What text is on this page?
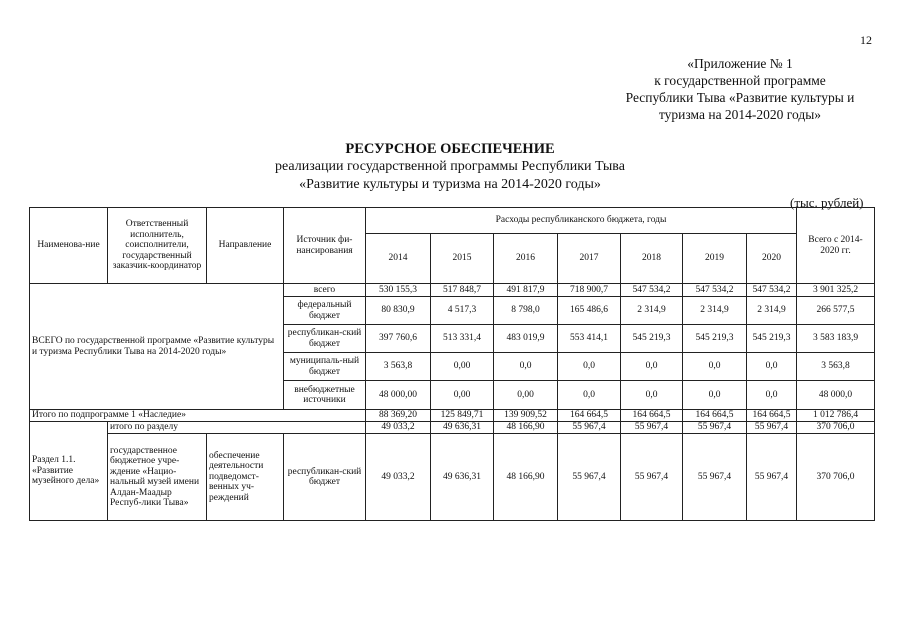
12
«Приложение № 1
к государственной программе
Республики Тыва «Развитие культуры и
туризма на 2014-2020 годы»
РЕСУРСНОЕ ОБЕСПЕЧЕНИЕ
реализации государственной программы Республики Тыва
«Развитие культуры и туризма на 2014-2020 годы»
(тыс. рублей)
Наименова-ние	Ответственный исполнитель, соисполнители, государственный заказчик-координатор	Направление	Источник фи-нансирования	Расходы республиканского бюджета, годы							Всего с 2014-2020 гг.
				2014	2015	2016	2017	2018	2019	2020	
ВСЕГО по государственной программе «Развитие культуры и туризма Республики Тыва на 2014-2020 годы»			всего	530 155,3	517 848,7	491 817,9	718 900,7	547 534,2	547 534,2	547 534,2	3 901 325,2
			федеральный бюджет	80 830,9	4 517,3	8 798,0	165 486,6	2 314,9	2 314,9	2 314,9	266 577,5
			республикан-ский бюджет	397 760,6	513 331,4	483 019,9	553 414,1	545 219,3	545 219,3	545 219,3	3 583 183,9
			муниципаль-ный бюджет	3 563,8	0,00	0,0	0,0	0,0	0,0	0,0	3 563,8
			внебюджетные источники	48 000,00	0,00	0,00	0,0	0,0	0,0	0,0	48 000,0
Итого по подпрограмме 1 «Наследие»				88 369,20	125 849,71	139 909,52	164 664,5	164 664,5	164 664,5	164 664,5	1 012 786,4
Раздел 1.1. «Развитие музейного дела»	итого по разделу			49 033,2	49 636,31	48 166,90	55 967,4	55 967,4	55 967,4	55 967,4	370 706,0
	государственное бюджетное учре-ждение «Нацио-нальный музей имени Алдан-Маадыр Респуб-лики Тыва»	обеспечение деятельности подведомст-венных уч-реждений	республикан-ский бюджет	49 033,2	49 636,31	48 166,90	55 967,4	55 967,4	55 967,4	55 967,4	370 706,0
